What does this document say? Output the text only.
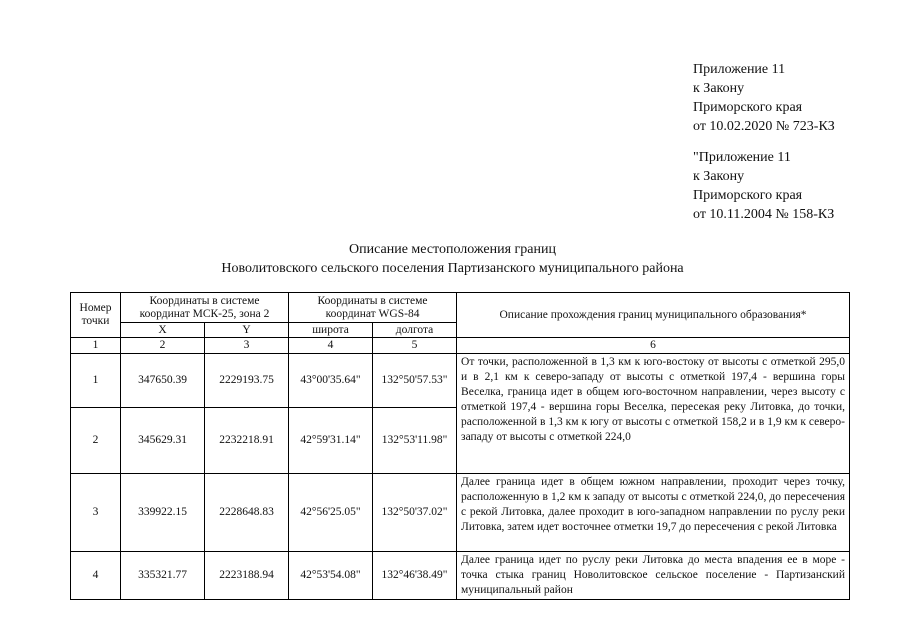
Приложение 11
к Закону
Приморского края
от 10.02.2020 № 723-КЗ
"Приложение 11
к Закону
Приморского края
от 10.11.2004 № 158-КЗ
Описание местоположения границ
Новолитовского сельского поселения Партизанского муниципального района
Номер точки	Координаты в системе координат МСК-25, зона 2		Координаты в системе координат WGS-84		Описание прохождения границ муниципального образования*
	X	Y	широта	долгота	
1	2	3	4	5	6
1	347650.39	2229193.75	43°00'35.64"	132°50'57.53"	От точки, расположенной в 1,3 км к юго-востоку от высоты с отметкой 295,0 и в 2,1 км к северо-западу от высоты с отметкой 197,4 - вершина горы Веселка, граница идет в общем юго-восточном направлении, через высоту с отметкой 197,4 - вершина горы Веселка, пересекая реку Литовка, до точки, расположенной в 1,3 км к югу от высоты с отметкой 158,2 и в 1,9 км к северо-западу от высоты с отметкой 224,0
2	345629.31	2232218.91	42°59'31.14"	132°53'11.98"	
3	339922.15	2228648.83	42°56'25.05"	132°50'37.02"	Далее граница идет в общем южном направлении, проходит через точку, расположенную в 1,2 км к западу от высоты с отметкой 224,0, до пересечения с рекой Литовка, далее проходит в юго-западном направлении по руслу реки Литовка, затем идет восточнее отметки 19,7 до пересечения с рекой Литовка

4	335321.77	2223188.94	42°53'54.08"	132°46'38.49"	Далее граница идет по руслу реки Литовка до места впадения ее в море - точка стыка границ Новолитовское сельское поселение - Партизанский муниципальный район
